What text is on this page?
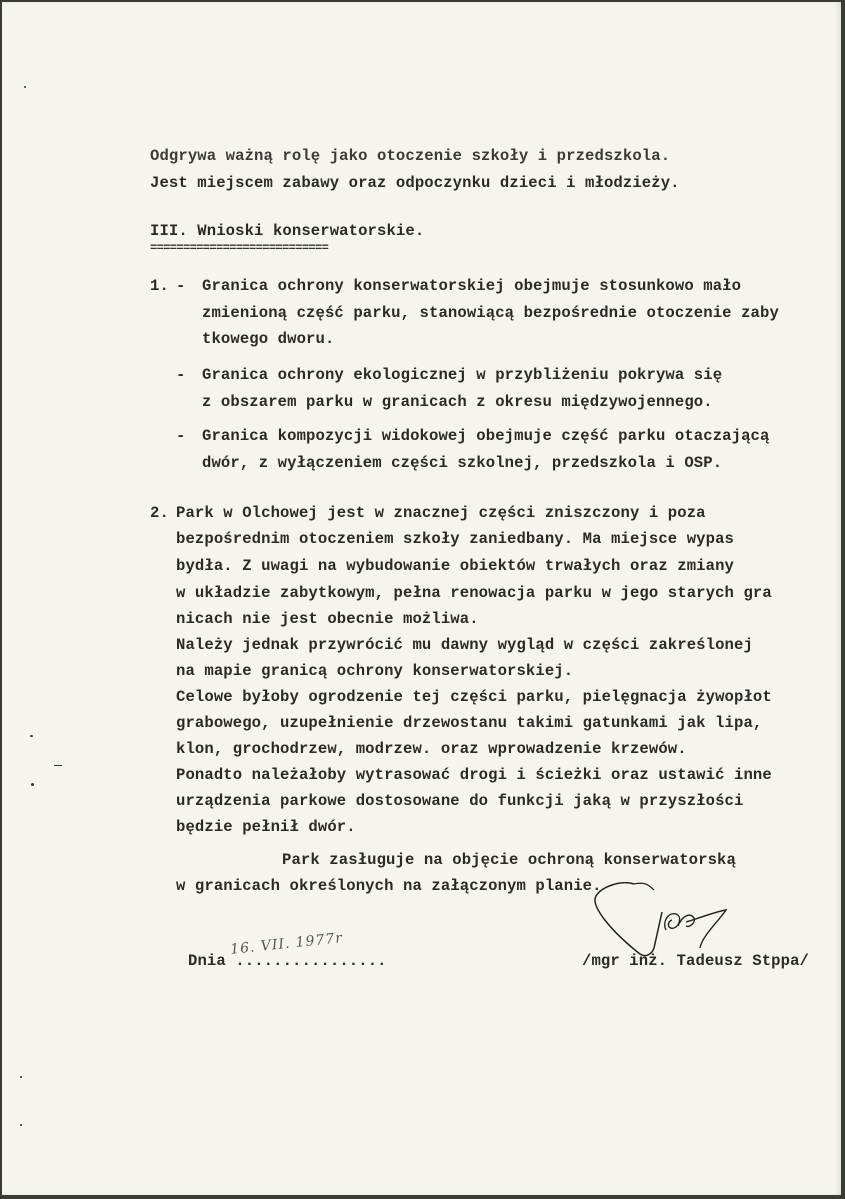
Odgrywa ważną rolę jako otoczenie szkoły i przedszkola.
Jest miejscem zabawy oraz odpoczynku dzieci i młodzieży.
III. Wnioski konserwatorskie.
===========================
1. - Granica ochrony konserwatorskiej obejmuje stosunkowo mało
zmienioną część parku, stanowiącą bezpośrednie otoczenie zaby
tkowego dworu.
- Granica ochrony ekologicznej w przybliżeniu pokrywa się
z obszarem parku w granicach z okresu międzywojennego.
- Granica kompozycji widokowej obejmuje część parku otaczającą
dwór, z wyłączeniem części szkolnej, przedszkola i OSP.
2. Park w Olchowej jest w znacznej części zniszczony i poza
bezpośrednim otoczeniem szkoły zaniedbany. Ma miejsce wypas
bydła. Z uwagi na wybudowanie obiektów trwałych oraz zmiany
w układzie zabytkowym, pełna renowacja parku w jego starych gra
nicach nie jest obecnie możliwa.
Należy jednak przywrócić mu dawny wygląd w części zakreślonej
na mapie granicą ochrony konserwatorskiej.
Celowe byłoby ogrodzenie tej części parku, pielęgnacja żywopłot
grabowego, uzupełnienie drzewostanu takimi gatunkami jak lipa,
klon, grochodrzew, modrzew. oraz wprowadzenie krzewów.
Ponadto należałoby wytrasować drogi i ścieżki oraz ustawić inne
urządzenia parkowe dostosowane do funkcji jaką w przyszłości
będzie pełnił dwór.
Park zasługuje na objęcie ochroną konserwatorską
w granicach określonych na załączonym planie.
16. VII. 1977r
Dnia ................	/mgr inż. Tadeusz Stppa/
